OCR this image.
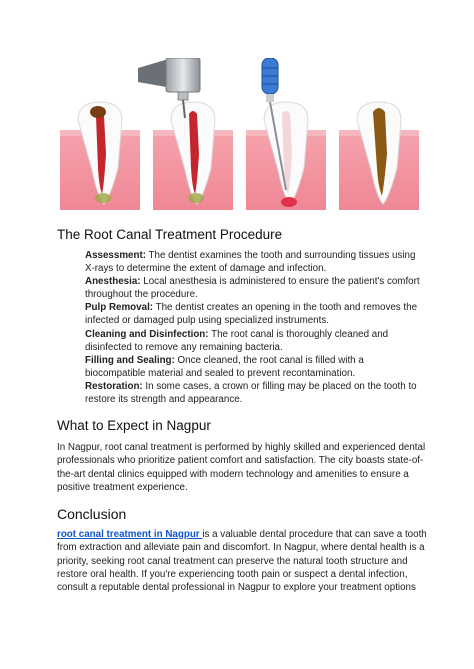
The Root Canal Treatment Procedure

Assessment: The dentist examines the tooth and surrounding tissues using X-rays to determine the extent of damage and infection.

Anesthesia: Local anesthesia is administered to ensure the patient's comfort throughout the procedure.

Pulp Removal: The dentist creates an opening in the tooth and removes the infected or damaged pulp using specialized instruments.

Cleaning and Disinfection: The root canal is thoroughly cleaned and disinfected to remove any remaining bacteria.

Filling and Sealing: Once cleaned, the root canal is filled with a biocompatible material and sealed to prevent recontamination.

Restoration: In some cases, a crown or filling may be placed on the tooth to restore its strength and appearance.

What to Expect in Nagpur

In Nagpur, root canal treatment is performed by highly skilled and experienced dental professionals who prioritize patient comfort and satisfaction. The city boasts state-of-the-art dental clinics equipped with modern technology and amenities to ensure a positive treatment experience.

Conclusion

root canal treatment in Nagpur is a valuable dental procedure that can save a tooth from extraction and alleviate pain and discomfort. In Nagpur, where dental health is a priority, seeking root canal treatment can preserve the natural tooth structure and restore oral health. If you're experiencing tooth pain or suspect a dental infection, consult a reputable dental professional in Nagpur to explore your treatment options
